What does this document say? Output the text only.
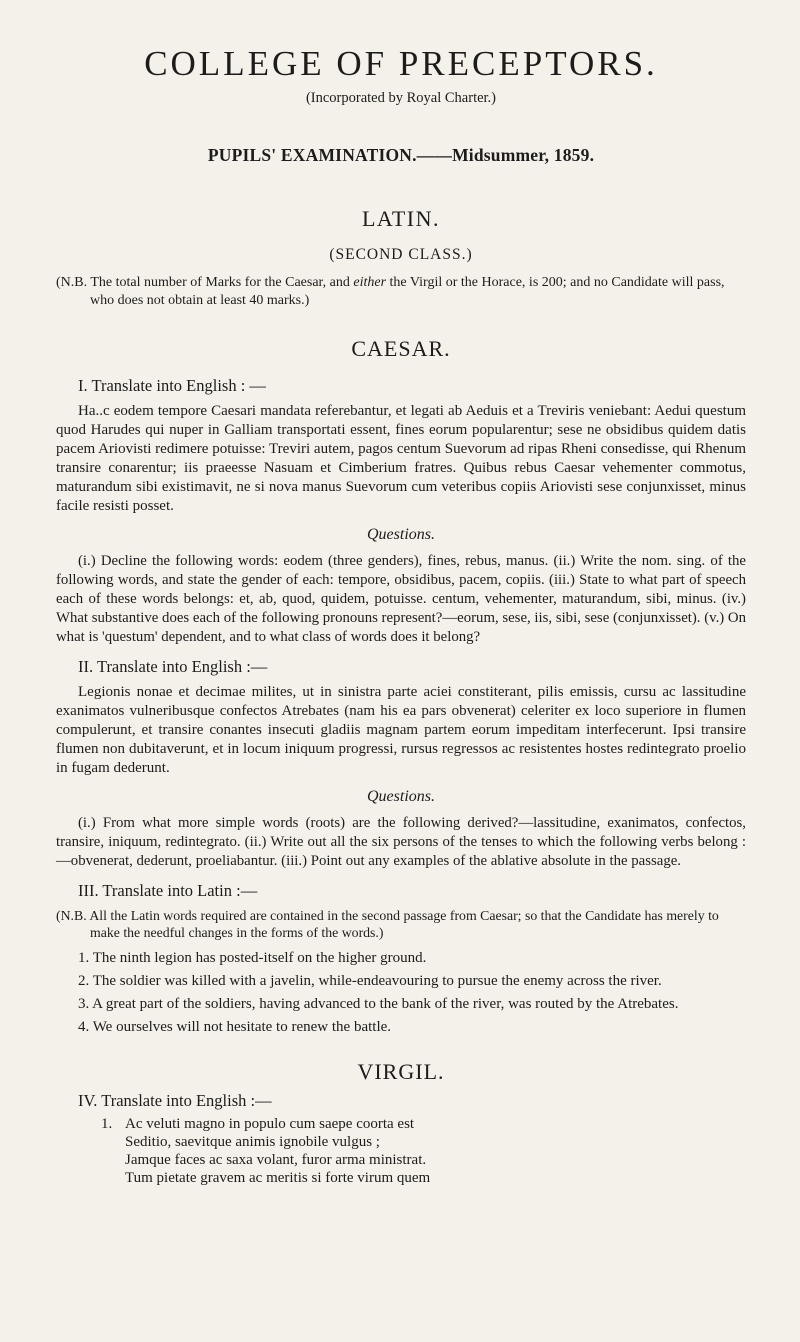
COLLEGE OF PRECEPTORS.
(Incorporated by Royal Charter.)
PUPILS' EXAMINATION.——Midsummer, 1859.
LATIN.
(SECOND CLASS.)
(N.B. The total number of Marks for the Caesar, and either the Virgil or the Horace, is 200; and no Candidate will pass, who does not obtain at least 40 marks.)
CAESAR.
I. Translate into English : —
Ha..c eodem tempore Caesari mandata referebantur, et legati ab Aeduis et a Treviris veniebant: Aedui questum quod Harudes qui nuper in Galliam transportati essent, fines eorum popularentur; sese ne obsidibus quidem datis pacem Ariovisti redimere potuisse: Treviri autem, pagos centum Suevorum ad ripas Rheni consedisse, qui Rhenum transire conarentur; iis praeesse Nasuam et Cimberium fratres. Quibus rebus Caesar vehementer commotus, maturandum sibi existimavit, ne si nova manus Suevorum cum veteribus copiis Ariovisti sese conjunxisset, minus facile resisti posset.
Questions.
(i.) Decline the following words: eodem (three genders), fines, rebus, manus. (ii.) Write the nom. sing. of the following words, and state the gender of each: tempore, obsidibus, pacem, copiis. (iii.) State to what part of speech each of these words belongs: et, ab, quod, quidem, potuisse. centum, vehementer, maturandum, sibi, minus. (iv.) What substantive does each of the following pronouns represent?—eorum, sese, iis, sibi, sese (conjunxisset). (v.) On what is 'questum' dependent, and to what class of words does it belong?
II. Translate into English :—
Legionis nonae et decimae milites, ut in sinistra parte aciei constiterant, pilis emissis, cursu ac lassitudine exanimatos vulneribusque confectos Atrebates (nam his ea pars obvenerat) celeriter ex loco superiore in flumen compulerunt, et transire conantes insecuti gladiis magnam partem eorum impeditam interfecerunt. Ipsi transire flumen non dubitaverunt, et in locum iniquum progressi, rursus regressos ac resistentes hostes redintegrato proelio in fugam dederunt.
Questions.
(i.) From what more simple words (roots) are the following derived?—lassitudine, exanimatos, confectos, transire, iniquum, redintegrato. (ii.) Write out all the six persons of the tenses to which the following verbs belong :—obvenerat, dederunt, proeliabantur. (iii.) Point out any examples of the ablative absolute in the passage.
III. Translate into Latin :—
(N.B. All the Latin words required are contained in the second passage from Caesar; so that the Candidate has merely to make the needful changes in the forms of the words.)
1. The ninth legion has posted-itself on the higher ground.
2. The soldier was killed with a javelin, while-endeavouring to pursue the enemy across the river.
3. A great part of the soldiers, having advanced to the bank of the river, was routed by the Atrebates.
4. We ourselves will not hesitate to renew the battle.
VIRGIL.
IV. Translate into English :—
1. Ac veluti magno in populo cum saepe coorta est
Seditio, saevitque animis ignobile vulgus ;
Jamque faces ac saxa volant, furor arma ministrat.
Tum pietate gravem ac meritis si forte virum quem
